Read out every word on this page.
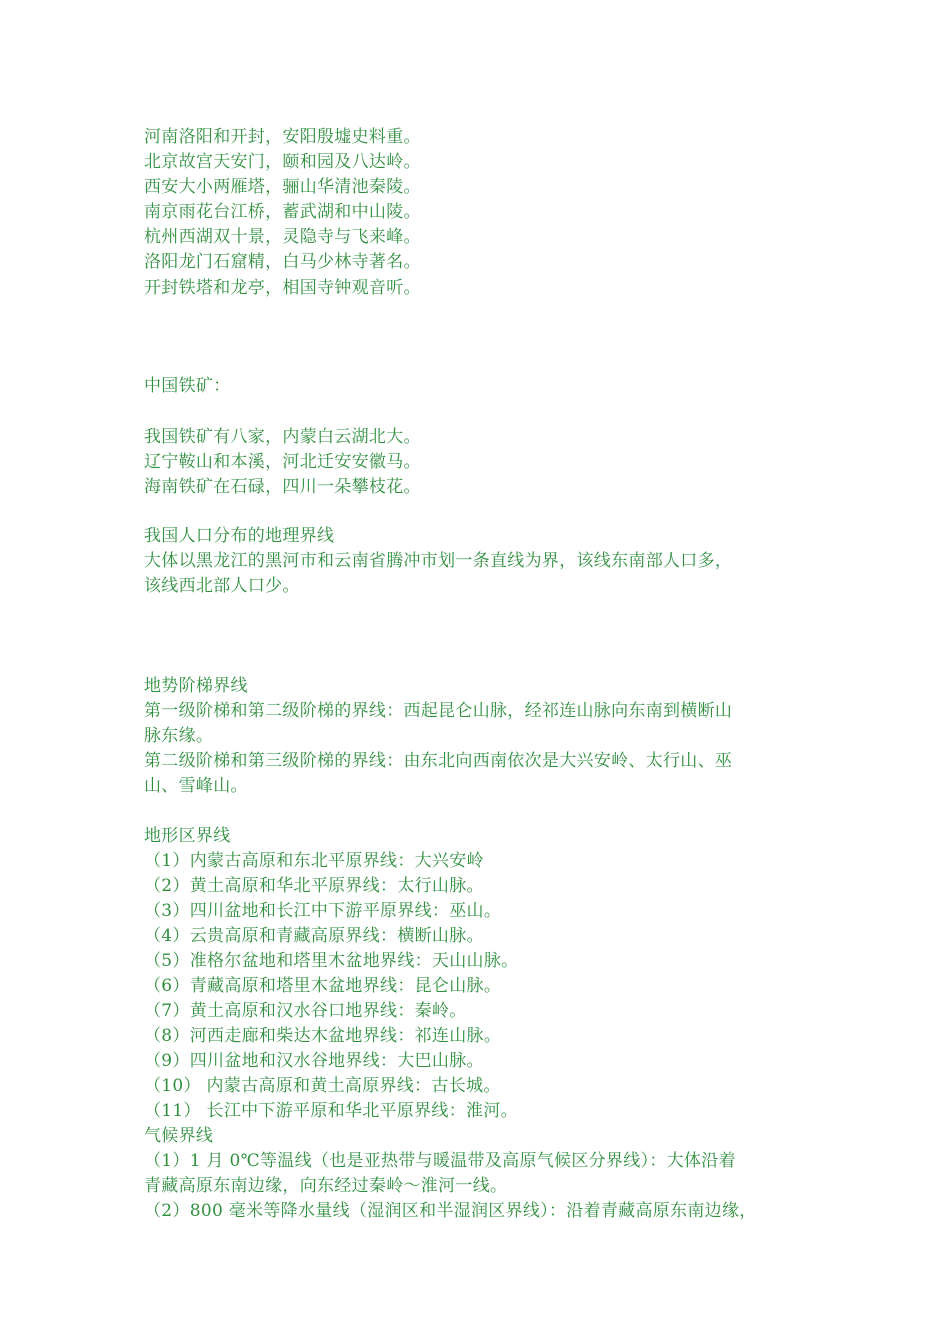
河南洛阳和开封，安阳殷墟史料重。
北京故宫天安门，颐和园及八达岭。
西安大小两雁塔，骊山华清池秦陵。
南京雨花台江桥，蓄武湖和中山陵。
杭州西湖双十景，灵隐寺与飞来峰。
洛阳龙门石窟精，白马少林寺著名。
开封铁塔和龙亭，相国寺钟观音听。
中国铁矿：
我国铁矿有八家，内蒙白云湖北大。
辽宁鞍山和本溪，河北迁安安徽马。
海南铁矿在石碌，四川一朵攀枝花。
我国人口分布的地理界线
大体以黑龙江的黑河市和云南省腾冲市划一条直线为界，该线东南部人口多，
该线西北部人口少。
地势阶梯界线
第一级阶梯和第二级阶梯的界线：西起昆仑山脉，经祁连山脉向东南到横断山
脉东缘。
第二级阶梯和第三级阶梯的界线：由东北向西南依次是大兴安岭、太行山、巫
山、雪峰山。
地形区界线
（1）内蒙古高原和东北平原界线：大兴安岭
（2）黄土高原和华北平原界线：太行山脉。
（3）四川盆地和长江中下游平原界线：巫山。
（4）云贵高原和青藏高原界线：横断山脉。
（5）准格尔盆地和塔里木盆地界线：天山山脉。
（6）青藏高原和塔里木盆地界线：昆仑山脉。
（7）黄土高原和汉水谷口地界线：秦岭。
（8）河西走廊和柴达木盆地界线：祁连山脉。
（9）四川盆地和汉水谷地界线：大巴山脉。
（10） 内蒙古高原和黄土高原界线：古长城。
（11） 长江中下游平原和华北平原界线：淮河。
气候界线
（1）1 月 0℃等温线（也是亚热带与暖温带及高原气候区分界线）：大体沿着
青藏高原东南边缘，向东经过秦岭～淮河一线。
（2）800 毫米等降水量线（湿润区和半湿润区界线）：沿着青藏高原东南边缘，
